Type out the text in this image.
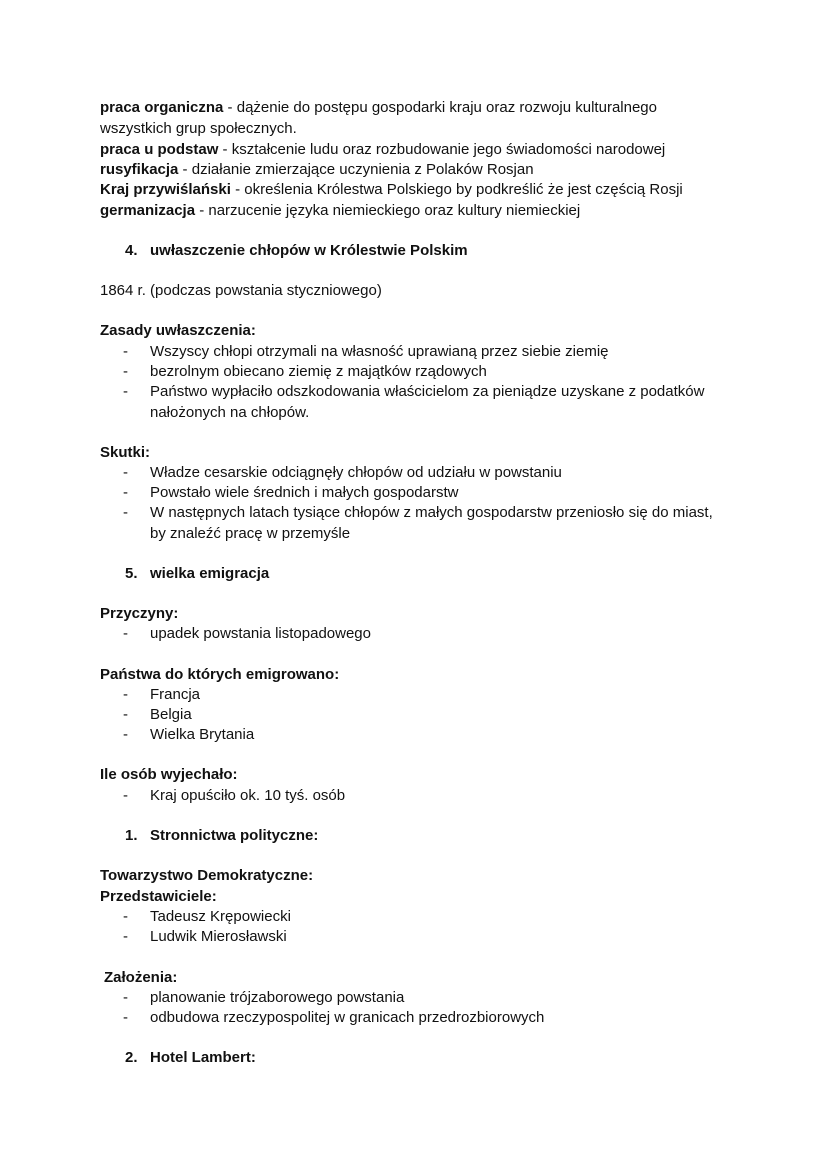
praca organiczna - dążenie do postępu gospodarki kraju oraz rozwoju kulturalnego
wszystkich grup społecznych.
praca u podstaw - kształcenie ludu oraz rozbudowanie jego świadomości narodowej
rusyfikacja - działanie zmierzające uczynienia z Polaków Rosjan
Kraj przywiślański - określenia Królestwa Polskiego by podkreślić że jest częścią Rosji
germanizacja - narzucenie języka niemieckiego oraz kultury niemieckiej
4. uwłaszczenie chłopów w Królestwie Polskim
1864 r. (podczas powstania styczniowego)
Zasady uwłaszczenia:
- Wszyscy chłopi otrzymali na własność uprawianą przez siebie ziemię
- bezrolnym obiecano ziemię z majątków rządowych
- Państwo wypłaciło odszkodowania właścicielom za pieniądze uzyskane z podatków
nałożonych na chłopów.
Skutki:
- Władze cesarskie odciągnęły chłopów od udziału w powstaniu
- Powstało wiele średnich i małych gospodarstw
- W następnych latach tysiące chłopów z małych gospodarstw przeniosło się do miast,
by znaleźć pracę w przemyśle
5. wielka emigracja
Przyczyny:
- upadek powstania listopadowego
Państwa do których emigrowano:
- Francja
- Belgia
- Wielka Brytania
Ile osób wyjechało:
- Kraj opuściło ok. 10 tyś. osób
1. Stronnictwa polityczne:
Towarzystwo Demokratyczne:
Przedstawiciele:
- Tadeusz Krępowiecki
- Ludwik Mierosławski
Założenia:
- planowanie trójzaborowego powstania
- odbudowa rzeczypospolitej w granicach przedrozbiorowych
2. Hotel Lambert:
